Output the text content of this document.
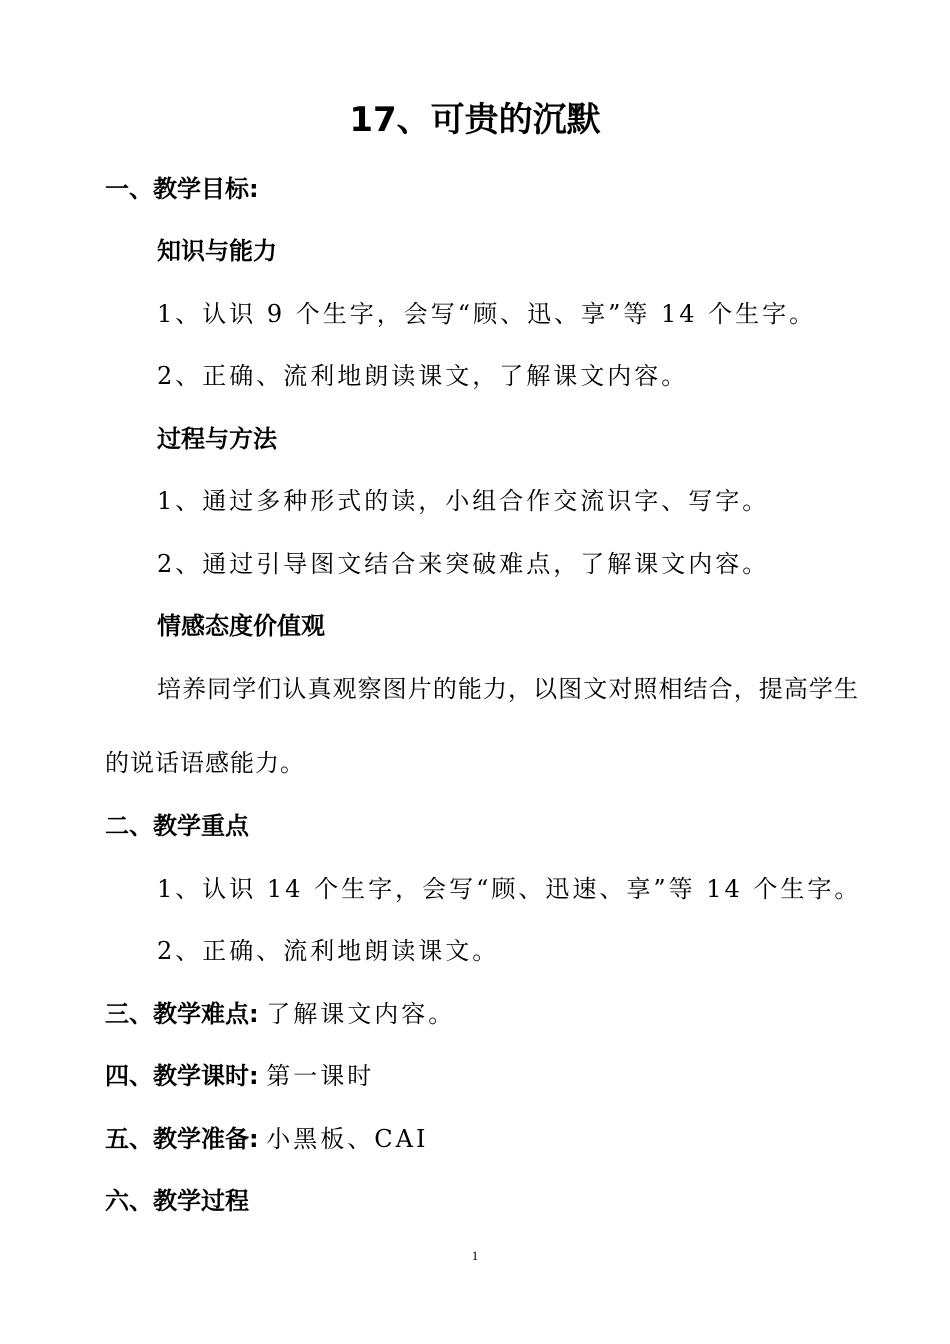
17、可贵的沉默
一、教学目标:
知识与能力
1、认识 9 个生字，会写“顾、迅、享”等 14 个生字。
2、正确、流利地朗读课文，了解课文内容。
过程与方法
1、通过多种形式的读，小组合作交流识字、写字。
2、通过引导图文结合来突破难点，了解课文内容。
情感态度价值观
培养同学们认真观察图片的能力，以图文对照相结合，提高学生
的说话语感能力。
二、教学重点
1、认识 14 个生字，会写“顾、迅速、享”等 14 个生字。
2、正确、流利地朗读课文。
三、教学难点: 了解课文内容。
四、教学课时: 第一课时
五、教学准备: 小黑板、CAI
六、教学过程
1
